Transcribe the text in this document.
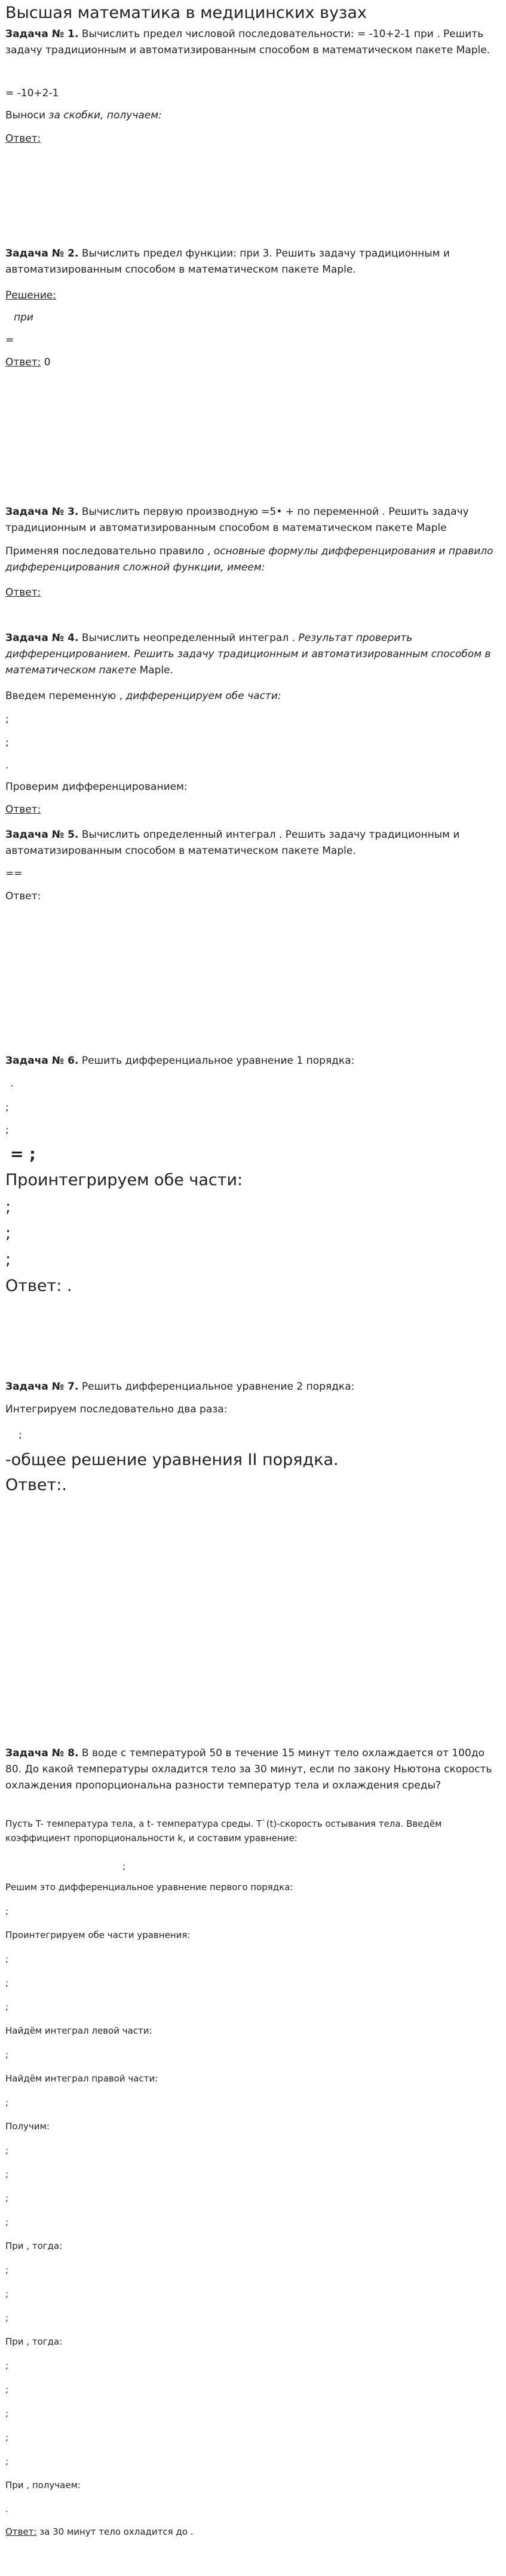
Высшая математика в медицинских вузах
Задача № 1. Вычислить предел числовой последовательности: = -10+2-1 при . Решить задачу традиционным и автоматизированным способом в математическом пакете Maple.
= -10+2-1
Выноси за скобки, получаем:
Ответ:
Задача № 2. Вычислить предел функции: при 3. Решить задачу традиционным и автоматизированным способом в математическом пакете Maple.
Решение:
при
=
Ответ: 0
Задача № 3. Вычислить первую производную =5• + по переменной . Решить задачу традиционным и автоматизированным способом в математическом пакете Maple
Применяя последовательно правило , основные формулы дифференцирования и правило дифференцирования сложной функции, имеем:
Ответ:
Задача № 4. Вычислить неопределенный интеграл . Результат проверить дифференцированием. Решить задачу традиционным и автоматизированным способом в математическом пакете Maple.
Введем переменную , дифференцируем обе части:
;
;
.
Проверим дифференцированием:
Ответ:
Задача № 5. Вычислить определенный интеграл . Решить задачу традиционным и автоматизированным способом в математическом пакете Maple.
==
Ответ:
Задача № 6. Решить дифференциальное уравнение 1 порядка:
.
;
;
= ;
Проинтегрируем обе части:
;
;
;
Ответ: .
Задача № 7. Решить дифференциальное уравнение 2 порядка:
Интегрируем последовательно два раза:
;
-общее решение уравнения II порядка.
Ответ:.
Задача № 8. В воде с температурой 50 в течение 15 минут тело охлаждается от 100до 80. До какой температуры охладится тело за 30 минут, если по закону Ньютона скорость охлаждения пропорциональна разности температур тела и охлаждения среды?
Пусть T- температура тела, а t- температура среды. T`(t)-скорость остывания тела. Введём коэффициент пропорциональности k, и составим уравнение:
;
Решим это дифференциальное уравнение первого порядка:
;
Проинтегрируем обе части уравнения:
;
;
;
Найдём интеграл левой части:
;
Найдём интеграл правой части:
;
Получим:
;
;
;
;
При , тогда:
;
;
;
При , тогда:
;
;
;
;
;
При , получаем:
.
Ответ: за 30 минут тело охладится до .
